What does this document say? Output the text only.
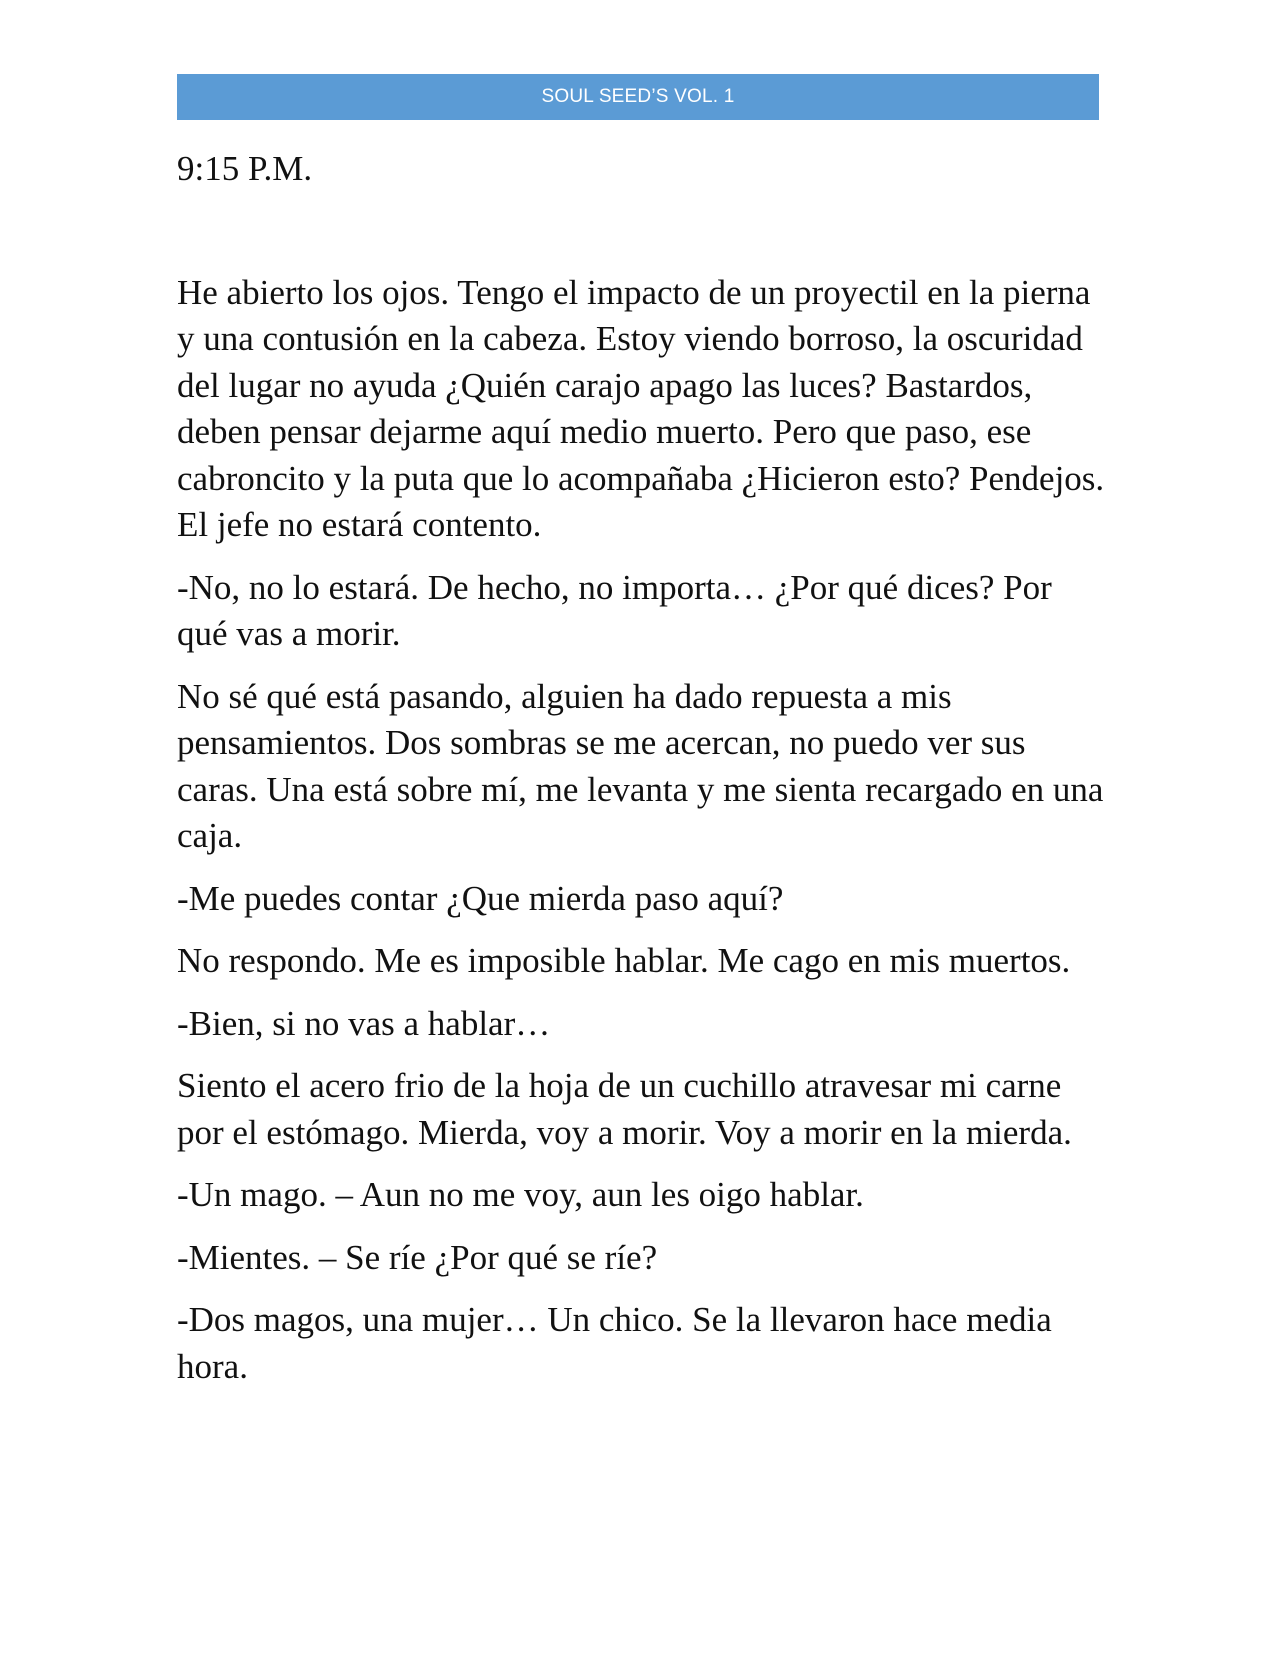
SOUL SEED’S VOL. 1

9:15 P.M.

He abierto los ojos. Tengo el impacto de un proyectil en la pierna y una contusión en la cabeza. Estoy viendo borroso, la oscuridad del lugar no ayuda ¿Quién carajo apago las luces? Bastardos, deben pensar dejarme aquí medio muerto. Pero que paso, ese cabroncito y la puta que lo acompañaba ¿Hicieron esto? Pendejos. El jefe no estará contento.

-No, no lo estará. De hecho, no importa… ¿Por qué dices? Por qué vas a morir.

No sé qué está pasando, alguien ha dado repuesta a mis pensamientos. Dos sombras se me acercan, no puedo ver sus caras. Una está sobre mí, me levanta y me sienta recargado en una caja.

-Me puedes contar ¿Que mierda paso aquí?

No respondo. Me es imposible hablar. Me cago en mis muertos.

-Bien, si no vas a hablar…

Siento el acero frio de la hoja de un cuchillo atravesar mi carne por el estómago. Mierda, voy a morir. Voy a morir en la mierda.

-Un mago. – Aun no me voy, aun les oigo hablar.

-Mientes. – Se ríe ¿Por qué se ríe?

-Dos magos, una mujer… Un chico. Se la llevaron hace media hora.
